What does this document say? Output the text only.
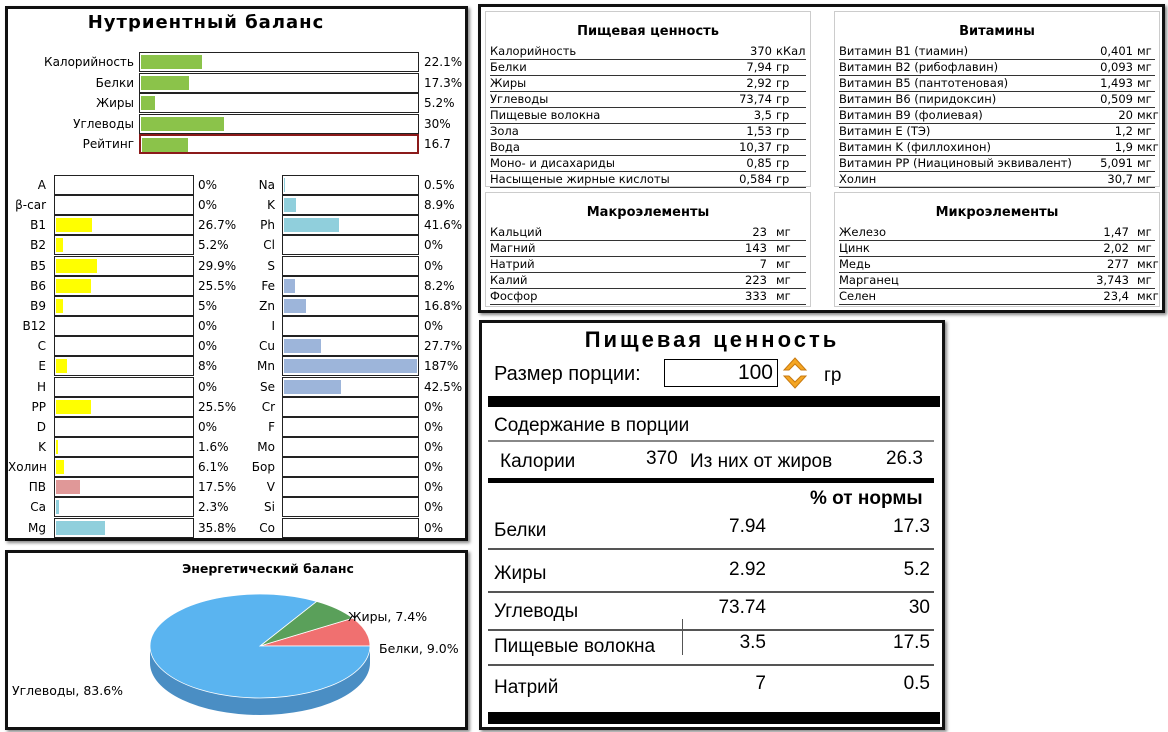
Нутриентный баланс
Калорийность	22.1%
Белки	17.3%
Жиры	5.2%
Углеводы	30%
Рейтинг	16.7
A	0%
β-car	0%
B1	26.7%
B2	5.2%
B5	29.9%
B6	25.5%
B9	5%
B12	0%
C	0%
E	8%
H	0%
PP	25.5%
D	0%
K	1.6%
Холин	6.1%
ПВ	17.5%
Ca	2.3%
Mg	35.8%
Na	0.5%
K	8.9%
Ph	41.6%
Cl	0%
S	0%
Fe	8.2%
Zn	16.8%
I	0%
Cu	27.7%
Mn	187%
Se	42.5%
Cr	0%
F	0%
Mo	0%
Бор	0%
V	0%
Si	0%
Co	0%
Пищевая ценность
Калорийность	370 кКал
Белки	7,94 гр
Жиры	2,92 гр
Углеводы	73,74 гр
Пищевые волокна	3,5 гр
Зола	1,53 гр
Вода	10,37 гр
Моно- и дисахариды	0,85 гр
Насыщеные жирные кислоты	0,584 гр
Витамины
Витамин B1 (тиамин)	0,401 мг
Витамин B2 (рибофлавин)	0,093 мг
Витамин B5 (пантотеновая)	1,493 мг
Витамин B6 (пиридоксин)	0,509 мг
Витамин B9 (фолиевая)	20 мкг
Витамин E (ТЭ)	1,2 мг
Витамин K (филлохинон)	1,9 мкг
Витамин PP (Ниациновый эквивалент)	5,091 мг
Холин	30,7 мг
Макроэлементы
Кальций	23 мг
Магний	143 мг
Натрий	7 мг
Калий	223 мг
Фосфор	333 мг
Микроэлементы
Железо	1,47 мг
Цинк	2,02 мг
Медь	277 мкг
Марганец	3,743 мг
Селен	23,4 мкг
Пищевая ценность
Размер порции:	100	гр
Содержание в порции
Калории	370 Из них от жиров	26.3
% от нормы
Белки	7.94	17.3
Жиры	2.92	5.2
Углеводы	73.74	30
Пищевые волокна	3.5	17.5
Натрий	7	0.5
Энергетический баланс
Углеводы, 83.6%
Жиры, 7.4%
Белки, 9.0%
